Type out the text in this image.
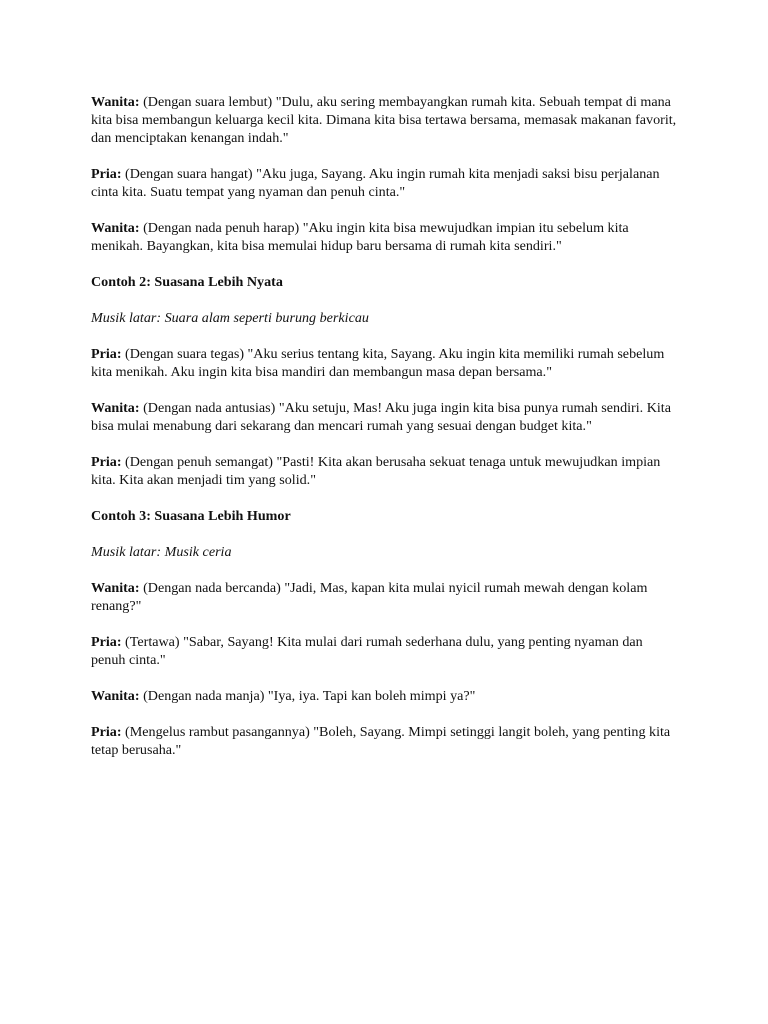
Wanita: (Dengan suara lembut) "Dulu, aku sering membayangkan rumah kita. Sebuah tempat di mana kita bisa membangun keluarga kecil kita. Dimana kita bisa tertawa bersama, memasak makanan favorit, dan menciptakan kenangan indah."

Pria: (Dengan suara hangat) "Aku juga, Sayang. Aku ingin rumah kita menjadi saksi bisu perjalanan cinta kita. Suatu tempat yang nyaman dan penuh cinta."

Wanita: (Dengan nada penuh harap) "Aku ingin kita bisa mewujudkan impian itu sebelum kita menikah. Bayangkan, kita bisa memulai hidup baru bersama di rumah kita sendiri."

Contoh 2: Suasana Lebih Nyata

Musik latar: Suara alam seperti burung berkicau

Pria: (Dengan suara tegas) "Aku serius tentang kita, Sayang. Aku ingin kita memiliki rumah sebelum kita menikah. Aku ingin kita bisa mandiri dan membangun masa depan bersama."

Wanita: (Dengan nada antusias) "Aku setuju, Mas! Aku juga ingin kita bisa punya rumah sendiri. Kita bisa mulai menabung dari sekarang dan mencari rumah yang sesuai dengan budget kita."

Pria: (Dengan penuh semangat) "Pasti! Kita akan berusaha sekuat tenaga untuk mewujudkan impian kita. Kita akan menjadi tim yang solid."

Contoh 3: Suasana Lebih Humor

Musik latar: Musik ceria

Wanita: (Dengan nada bercanda) "Jadi, Mas, kapan kita mulai nyicil rumah mewah dengan kolam renang?"

Pria: (Tertawa) "Sabar, Sayang! Kita mulai dari rumah sederhana dulu, yang penting nyaman dan penuh cinta."

Wanita: (Dengan nada manja) "Iya, iya. Tapi kan boleh mimpi ya?"

Pria: (Mengelus rambut pasangannya) "Boleh, Sayang. Mimpi setinggi langit boleh, yang penting kita tetap berusaha."
